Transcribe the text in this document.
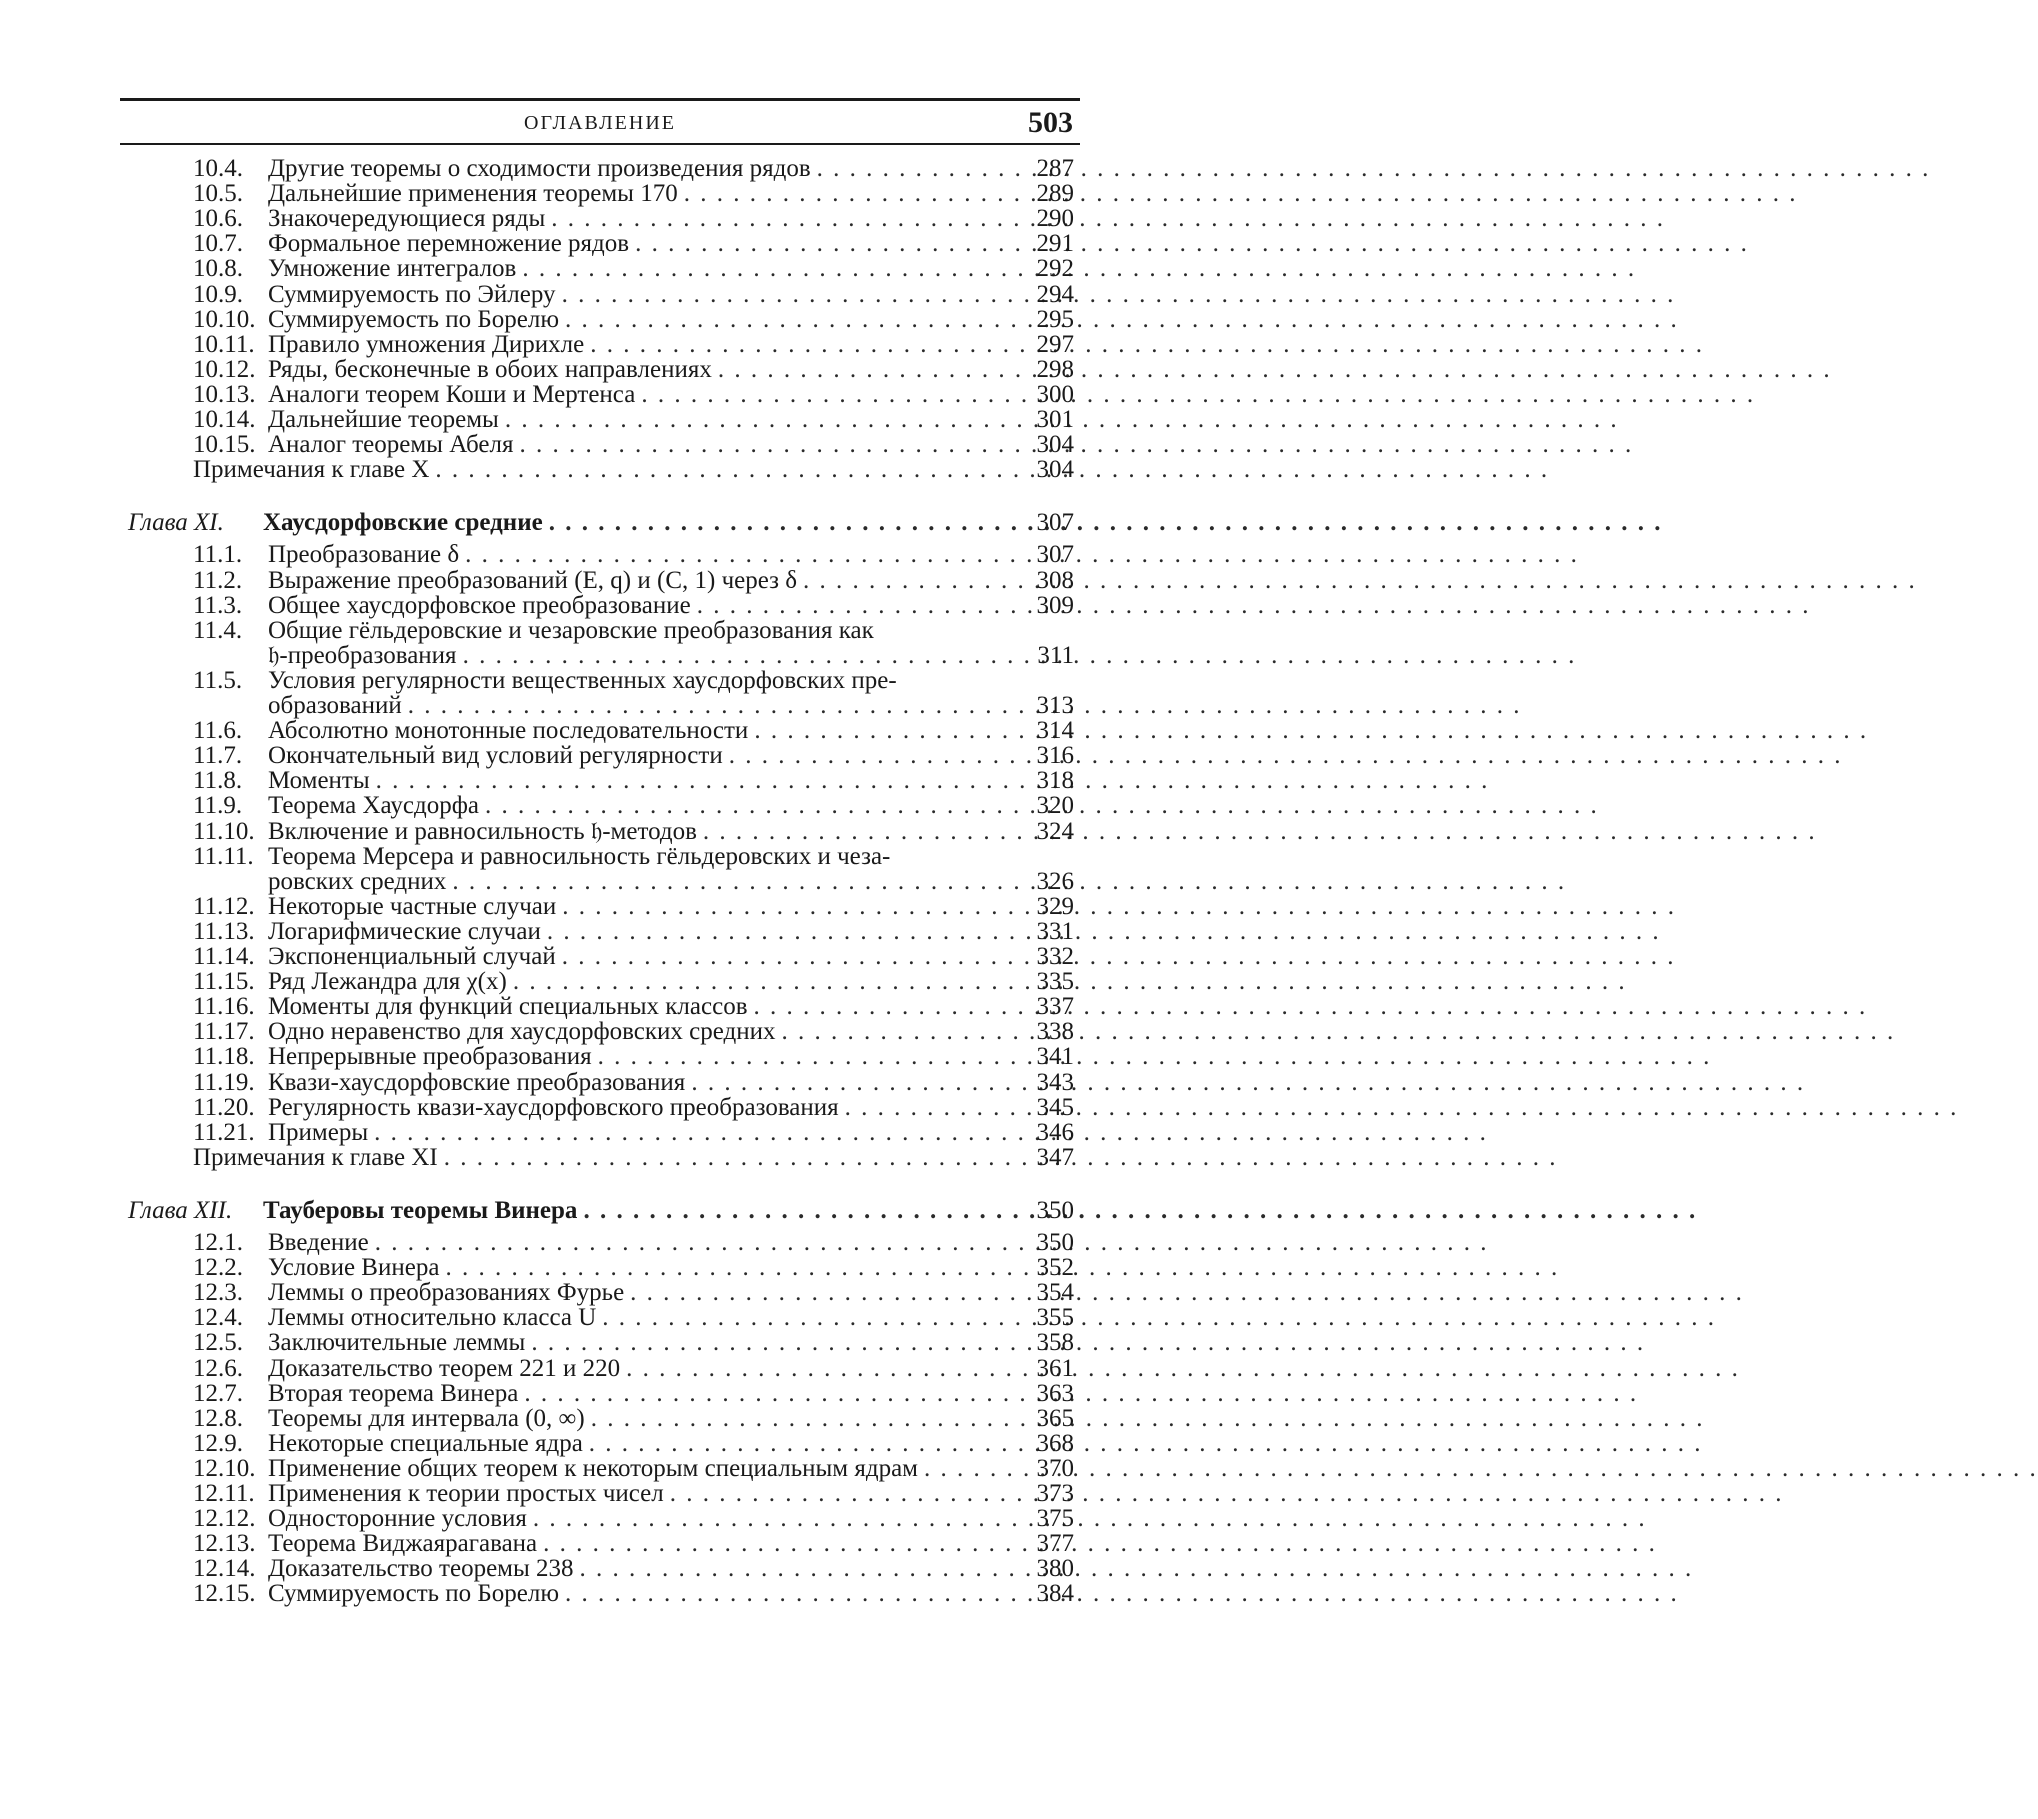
ОГЛАВЛЕНИЕ	503
10.4. Другие теоремы о сходимости произведения рядов . . .	287
10.5. Дальнейшие применения теоремы 170 . . .	289
10.6. Знакочередующиеся ряды . . .	290
10.7. Формальное перемножение рядов . . .	291
10.8. Умножение интегралов . . .	292
10.9. Суммируемость по Эйлеру . . .	294
10.10. Суммируемость по Борелю . . .	295
10.11. Правило умножения Дирихле . . .	297
10.12. Ряды, бесконечные в обоих направлениях . . .	298
10.13. Аналоги теорем Коши и Мертенса . . .	300
10.14. Дальнейшие теоремы . . .	301
10.15. Аналог теоремы Абеля . . .	304
Примечания к главе X . . .	304
Глава XI. Хаусдорфовские средние . . .	307
11.1. Преобразование δ . . .	307
11.2. Выражение преобразований (E, q) и (C, 1) через δ . . .	308
11.3. Общее хаусдорфовское преобразование . . .	309
11.4. Общие гёльдеровские и чезаровские преобразования как
𝔥-преобразования . . .	311
11.5. Условия регулярности вещественных хаусдорфовских пре-
образований . . .	313
11.6. Абсолютно монотонные последовательности . . .	314
11.7. Окончательный вид условий регулярности . . .	316
11.8. Моменты . . .	318
11.9. Теорема Хаусдорфа . . .	320
11.10. Включение и равносильность 𝔥-методов . . .	324
11.11. Теорема Мерсера и равносильность гёльдеровских и чеза-
ровских средних . . .	326
11.12. Некоторые частные случаи . . .	329
11.13. Логарифмические случаи . . .	331
11.14. Экспоненциальный случай . . .	332
11.15. Ряд Лежандра для χ(x) . . .	335
11.16. Моменты для функций специальных классов . . .	337
11.17. Одно неравенство для хаусдорфовских средних . . .	338
11.18. Непрерывные преобразования . . .	341
11.19. Квази-хаусдорфовские преобразования . . .	343
11.20. Регулярность квази-хаусдорфовского преобразования . . .	345
11.21. Примеры . . .	346
Примечания к главе XI . . .	347
Глава XII. Тауберовы теоремы Винера . . .	350
12.1. Введение . . .	350
12.2. Условие Винера . . .	352
12.3. Леммы о преобразованиях Фурье . . .	354
12.4. Леммы относительно класса U . . .	355
12.5. Заключительные леммы . . .	358
12.6. Доказательство теорем 221 и 220 . . .	361
12.7. Вторая теорема Винера . . .	363
12.8. Теоремы для интервала (0, ∞) . . .	365
12.9. Некоторые специальные ядра . . .	368
12.10. Применение общих теорем к некоторым специальным ядрам . . .	370
12.11. Применения к теории простых чисел . . .	373
12.12. Односторонние условия . . .	375
12.13. Теорема Виджаярагавана . . .	377
12.14. Доказательство теоремы 238 . . .	380
12.15. Суммируемость по Борелю . . .	384
